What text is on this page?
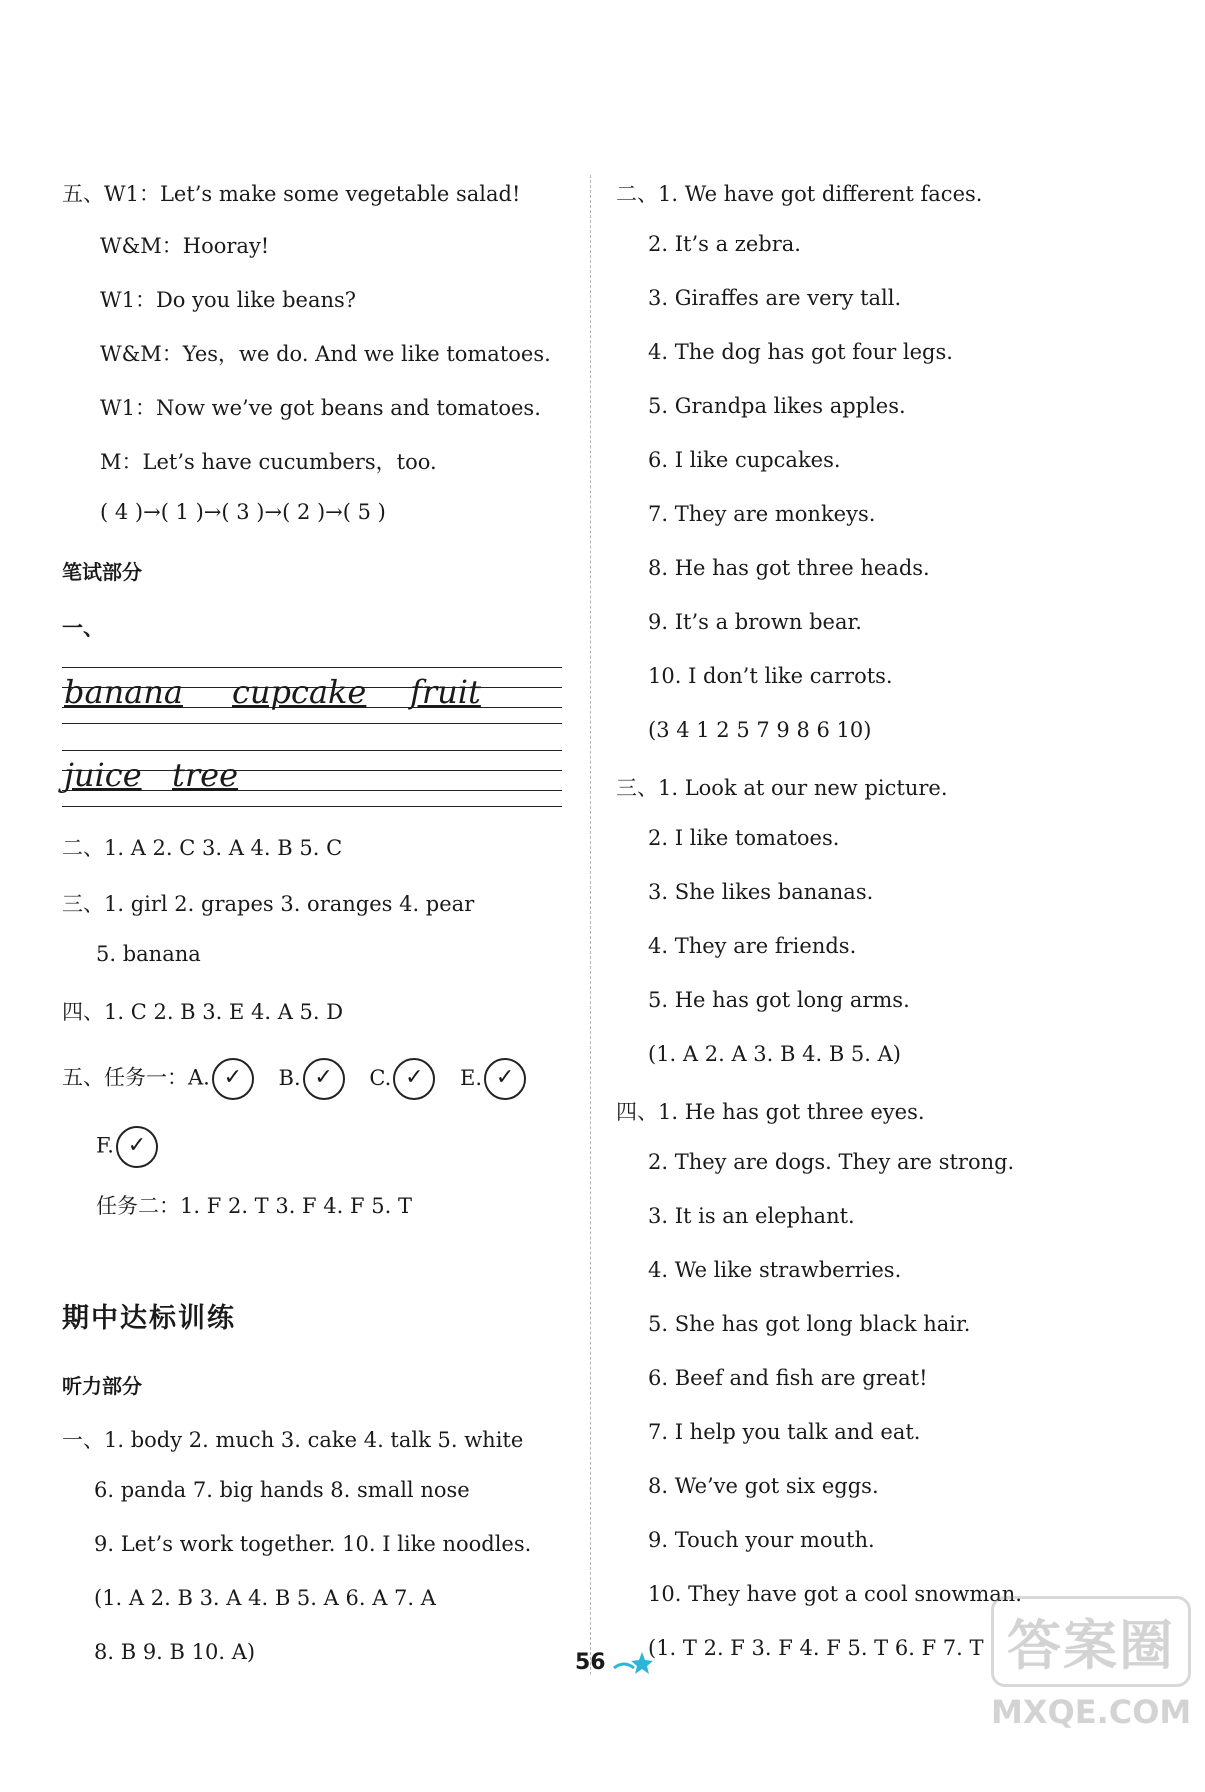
五、W1：Let’s make some vegetable salad!
W&M：Hooray!
W1：Do you like beans?
W&M：Yes，we do. And we like tomatoes.
W1：Now we’ve got beans and tomatoes.
M：Let’s have cucumbers，too.
( 4 )→( 1 )→( 3 )→( 2 )→( 5 )
笔试部分
一、
banana cupcake fruit
juice tree
二、1. A 2. C 3. A 4. B 5. C
三、1. girl 2. grapes 3. oranges 4. pear
5. banana
四、1. C 2. B 3. E 4. A 5. D
五、任务一：A. ✓ B. ✓ C. ✓ E. ✓
F. ✓
任务二：1. F 2. T 3. F 4. F 5. T
期中达标训练
听力部分
一、1. body 2. much 3. cake 4. talk 5. white
6. panda 7. big hands 8. small nose
9. Let’s work together. 10. I like noodles.
(1. A 2. B 3. A 4. B 5. A 6. A 7. A
8. B 9. B 10. A)
二、1. We have got different faces.
2. It’s a zebra.
3. Giraffes are very tall.
4. The dog has got four legs.
5. Grandpa likes apples.
6. I like cupcakes.
7. They are monkeys.
8. He has got three heads.
9. It’s a brown bear.
10. I don’t like carrots.
(3 4 1 2 5 7 9 8 6 10)
三、1. Look at our new picture.
2. I like tomatoes.
3. She likes bananas.
4. They are friends.
5. He has got long arms.
(1. A 2. A 3. B 4. B 5. A)
四、1. He has got three eyes.
2. They are dogs. They are strong.
3. It is an elephant.
4. We like strawberries.
5. She has got long black hair.
6. Beef and fish are great!
7. I help you talk and eat.
8. We’ve got six eggs.
9. Touch your mouth.
10. They have got a cool snowman.
(1. T 2. F 3. F 4. F 5. T 6. F 7. T
56	答案圈
MXQE.COM
